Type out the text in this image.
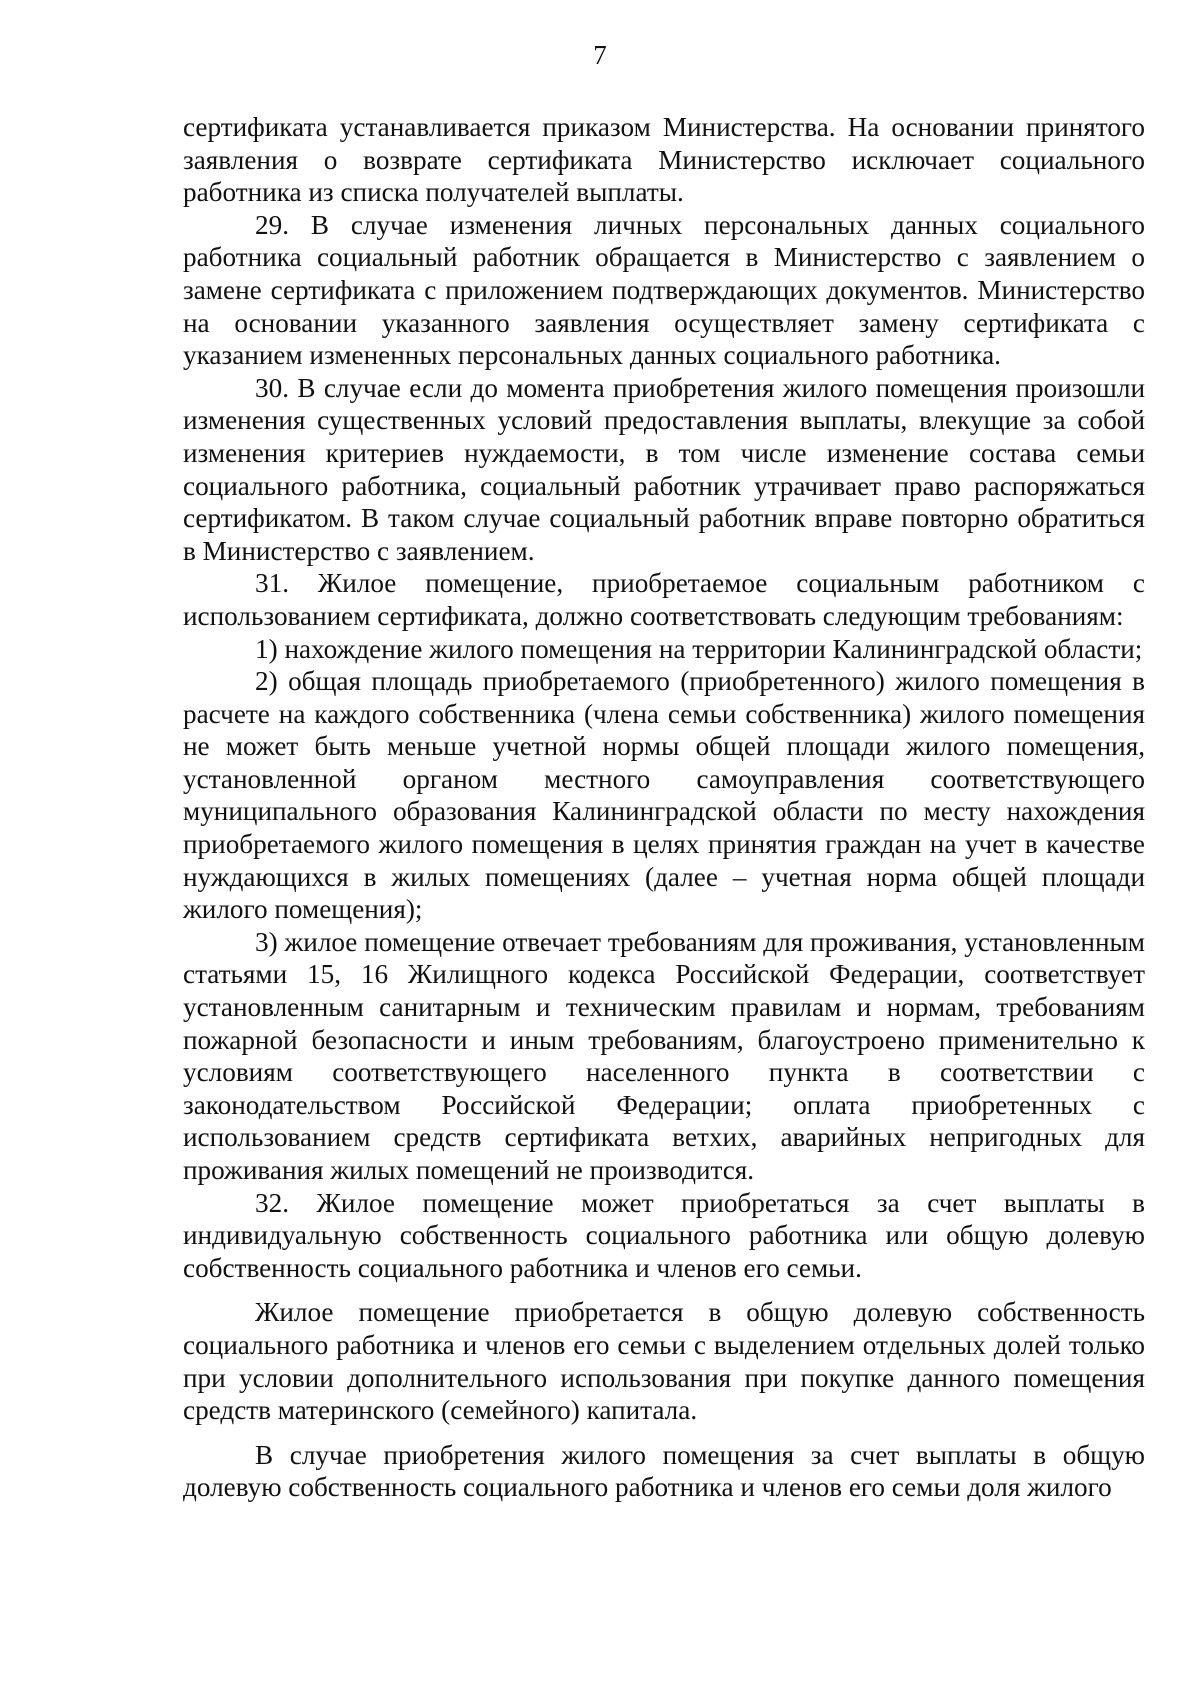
7

сертификата устанавливается приказом Министерства. На основании принятого заявления о возврате сертификата Министерство исключает социального работника из списка получателей выплаты.

29. В случае изменения личных персональных данных социального работника социальный работник обращается в Министерство с заявлением о замене сертификата с приложением подтверждающих документов. Министерство на основании указанного заявления осуществляет замену сертификата с указанием измененных персональных данных социального работника.

30. В случае если до момента приобретения жилого помещения произошли изменения существенных условий предоставления выплаты, влекущие за собой изменения критериев нуждаемости, в том числе изменение состава семьи социального работника, социальный работник утрачивает право распоряжаться сертификатом. В таком случае социальный работник вправе повторно обратиться в Министерство с заявлением.

31. Жилое помещение, приобретаемое социальным работником с использованием сертификата, должно соответствовать следующим требованиям:

1) нахождение жилого помещения на территории Калининградской области;

2) общая площадь приобретаемого (приобретенного) жилого помещения в расчете на каждого собственника (члена семьи собственника) жилого помещения не может быть меньше учетной нормы общей площади жилого помещения, установленной органом местного самоуправления соответствующего муниципального образования Калининградской области по месту нахождения приобретаемого жилого помещения в целях принятия граждан на учет в качестве нуждающихся в жилых помещениях (далее – учетная норма общей площади жилого помещения);

3) жилое помещение отвечает требованиям для проживания, установленным статьями 15, 16 Жилищного кодекса Российской Федерации, соответствует установленным санитарным и техническим правилам и нормам, требованиям пожарной безопасности и иным требованиям, благоустроено применительно к условиям соответствующего населенного пункта в соответствии с законодательством Российской Федерации; оплата приобретенных с использованием средств сертификата ветхих, аварийных непригодных для проживания жилых помещений не производится.

32. Жилое помещение может приобретаться за счет выплаты в индивидуальную собственность социального работника или общую долевую собственность социального работника и членов его семьи.

Жилое помещение приобретается в общую долевую собственность социального работника и членов его семьи с выделением отдельных долей только при условии дополнительного использования при покупке данного помещения средств материнского (семейного) капитала.

В случае приобретения жилого помещения за счет выплаты в общую долевую собственность социального работника и членов его семьи доля жилого
